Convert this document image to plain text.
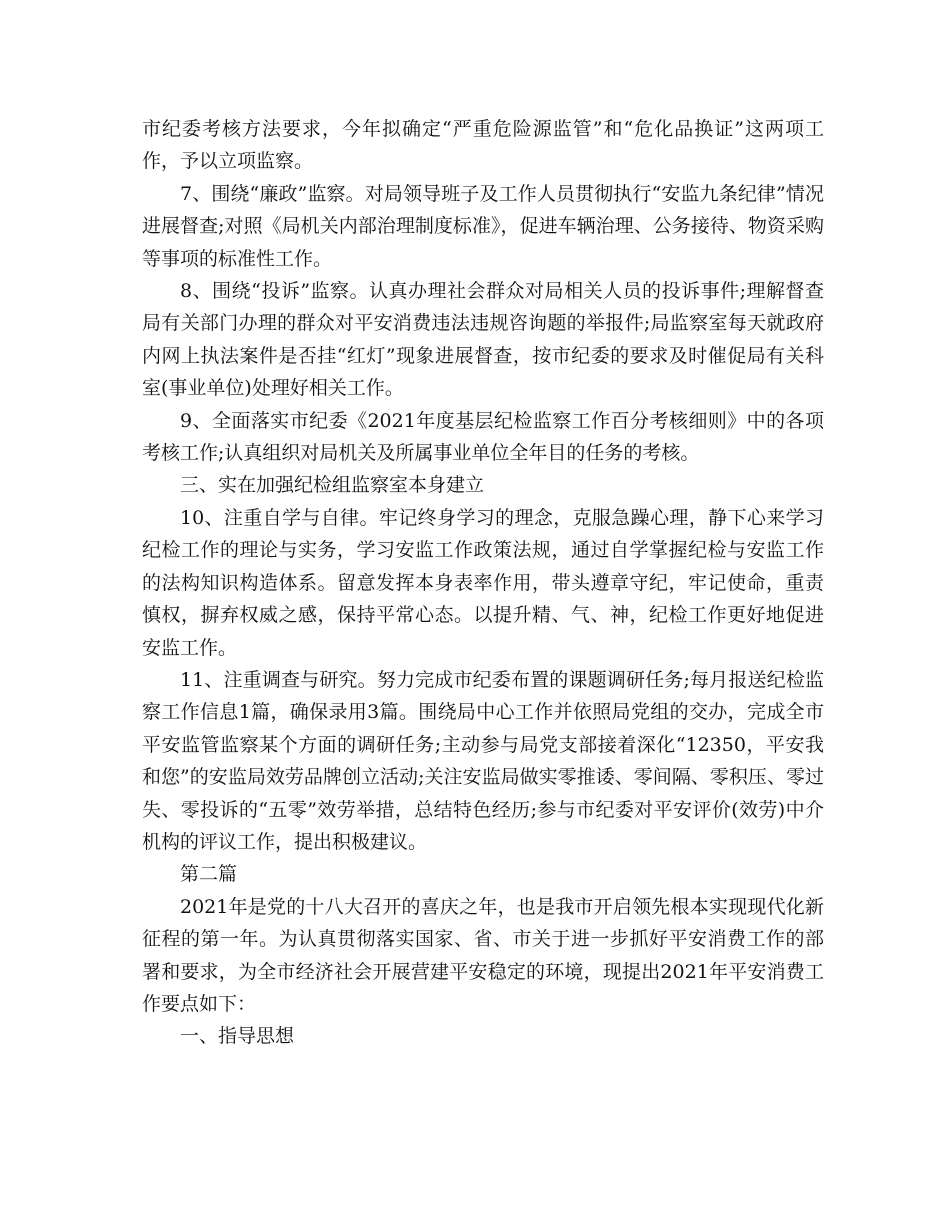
市纪委考核方法要求，今年拟确定“严重危险源监管”和“危化品换证”这两项工作，予以立项监察。

7、围绕“廉政”监察。对局领导班子及工作人员贯彻执行“安监九条纪律”情况进展督查;对照《局机关内部治理制度标准》，促进车辆治理、公务接待、物资采购等事项的标准性工作。

8、围绕“投诉”监察。认真办理社会群众对局相关人员的投诉事件;理解督查局有关部门办理的群众对平安消费违法违规咨询题的举报件;局监察室每天就政府内网上执法案件是否挂“红灯”现象进展督查，按市纪委的要求及时催促局有关科室(事业单位)处理好相关工作。

9、全面落实市纪委《2021年度基层纪检监察工作百分考核细则》中的各项考核工作;认真组织对局机关及所属事业单位全年目的任务的考核。

三、实在加强纪检组监察室本身建立

10、注重自学与自律。牢记终身学习的理念，克服急躁心理，静下心来学习纪检工作的理论与实务，学习安监工作政策法规，通过自学掌握纪检与安监工作的法构知识构造体系。留意发挥本身表率作用，带头遵章守纪，牢记使命，重责慎权，摒弃权威之感，保持平常心态。以提升精、气、神，纪检工作更好地促进安监工作。

11、注重调查与研究。努力完成市纪委布置的课题调研任务;每月报送纪检监察工作信息1篇，确保录用3篇。围绕局中心工作并依照局党组的交办，完成全市平安监管监察某个方面的调研任务;主动参与局党支部接着深化“12350，平安我和您”的安监局效劳品牌创立活动;关注安监局做实零推诿、零间隔、零积压、零过失、零投诉的“五零”效劳举措，总结特色经历;参与市纪委对平安评价(效劳)中介机构的评议工作，提出积极建议。

第二篇

2021年是党的十八大召开的喜庆之年，也是我市开启领先根本实现现代化新征程的第一年。为认真贯彻落实国家、省、市关于进一步抓好平安消费工作的部署和要求，为全市经济社会开展营建平安稳定的环境，现提出2021年平安消费工作要点如下：

一、指导思想
